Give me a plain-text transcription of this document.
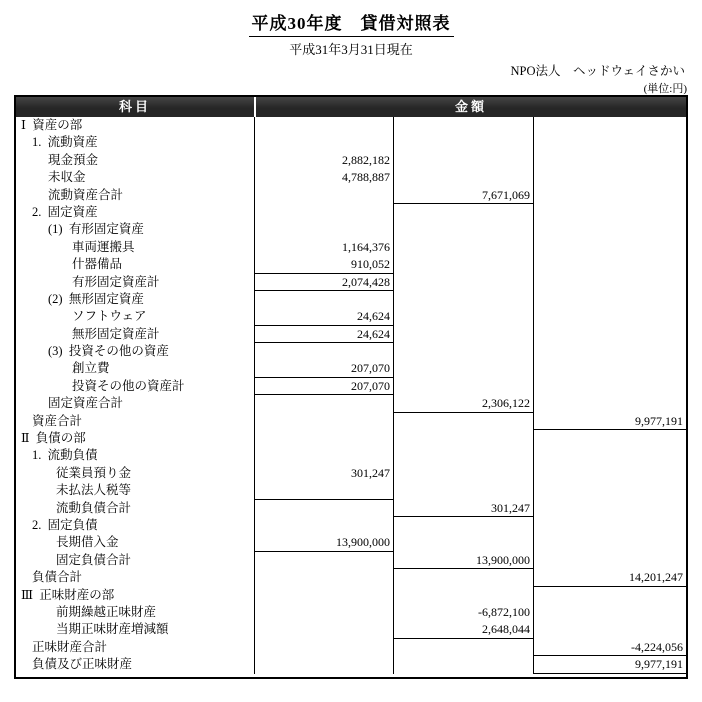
平成30年度　貸借対照表
平成31年3月31日現在
NPO法人　ヘッドウェイさかい
(単位:円)
科目	金額
Ⅰ  資産の部
1.  流動資産
現金預金	2,882,182
未収金	4,788,887
流動資産合計	7,671,069
2.  固定資産
(1)  有形固定資産
車両運搬具	1,164,376
什器備品	910,052
有形固定資産計	2,074,428
(2)  無形固定資産
ソフトウェア	24,624
無形固定資産計	24,624
(3)  投資その他の資産
創立費	207,070
投資その他の資産計	207,070
固定資産合計	2,306,122
資産合計	9,977,191
Ⅱ  負債の部
1.  流動負債
従業員預り金	301,247
未払法人税等
流動負債合計	301,247
2.  固定負債
長期借入金	13,900,000
固定負債合計	13,900,000
負債合計	14,201,247
Ⅲ  正味財産の部
前期繰越正味財産	-6,872,100
当期正味財産増減額	2,648,044
正味財産合計	-4,224,056
負債及び正味財産	9,977,191
